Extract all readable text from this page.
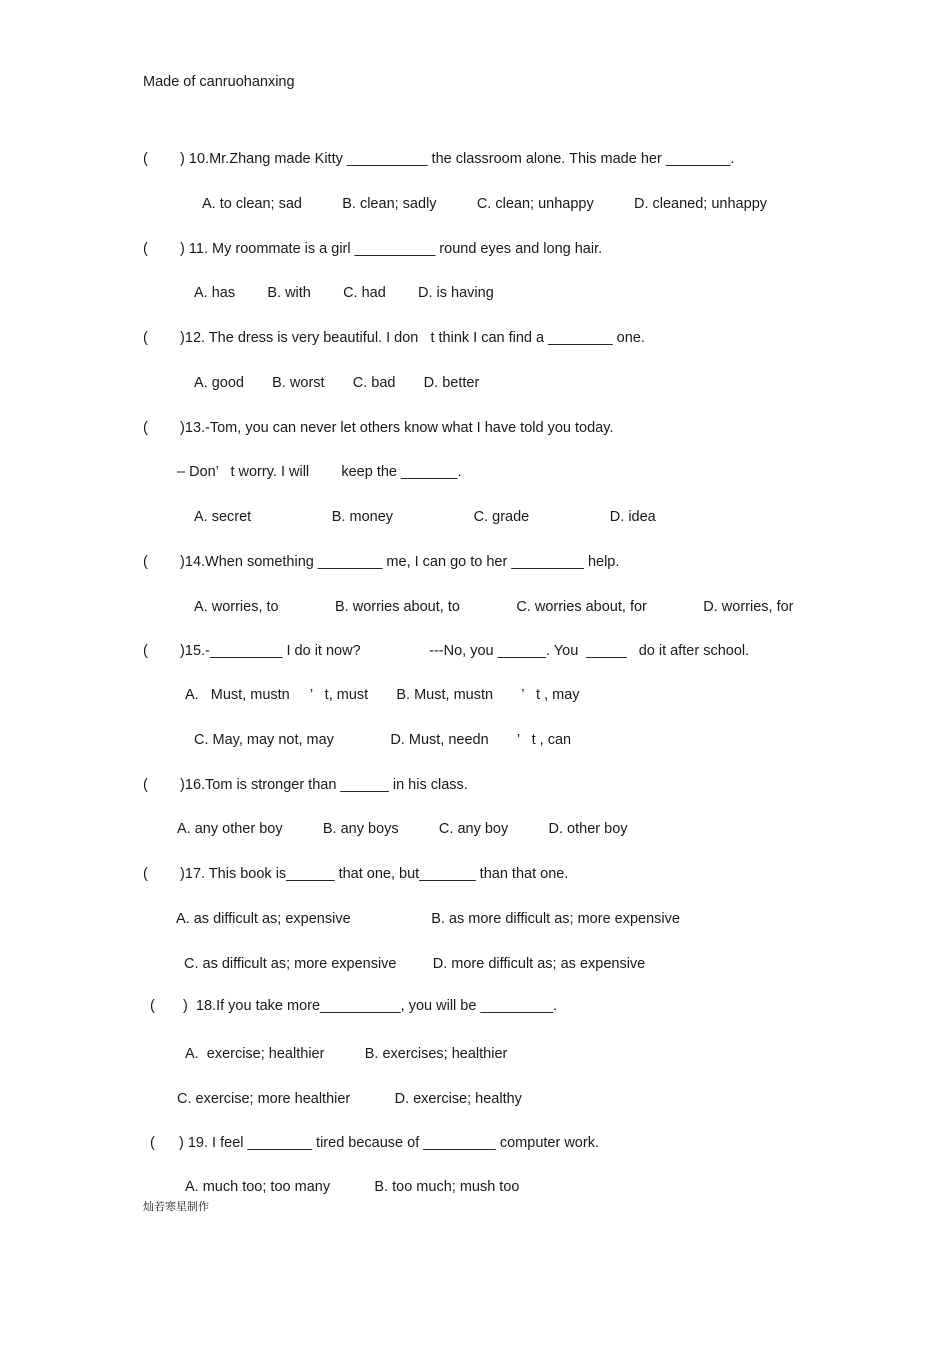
Made of canruohanxing
(        ) 10.Mr.Zhang made Kitty __________ the classroom alone. This made her ________.
A. to clean; sad          B. clean; sadly          C. clean; unhappy          D. cleaned; unhappy
(        ) 11. My roommate is a girl __________ round eyes and long hair.
A. has        B. with        C. had        D. is having
(        )12. The dress is very beautiful. I don   t think I can find a ________ one.
A. good       B. worst       C. bad       D. better
(        )13.-Tom, you can never let others know what I have told you today.
– Don’   t worry. I will        keep the _______.
A. secret                    B. money                    C. grade                    D. idea
(        )14.When something ________ me, I can go to her _________ help.
A. worries, to              B. worries about, to              C. worries about, for              D. worries, for
(        )15.-_________ I do it now?                 ---No, you ______. You  _____   do it after school.
A.   Must, mustn     ’   t, must       B. Must, mustn       ’   t , may
C. May, may not, may              D. Must, needn       ’   t , can
(        )16.Tom is stronger than ______ in his class.
A. any other boy          B. any boys          C. any boy          D. other boy
(        )17. This book is______ that one, but_______ than that one.
A. as difficult as; expensive                    B. as more difficult as; more expensive
C. as difficult as; more expensive         D. more difficult as; as expensive
(       )  18.If you take more__________, you will be _________.
A.  exercise; healthier          B. exercises; healthier
C. exercise; more healthier           D. exercise; healthy
(      ) 19. I feel ________ tired because of _________ computer work.
A. much too; too many           B. too much; mush too
灿若寒星制作
